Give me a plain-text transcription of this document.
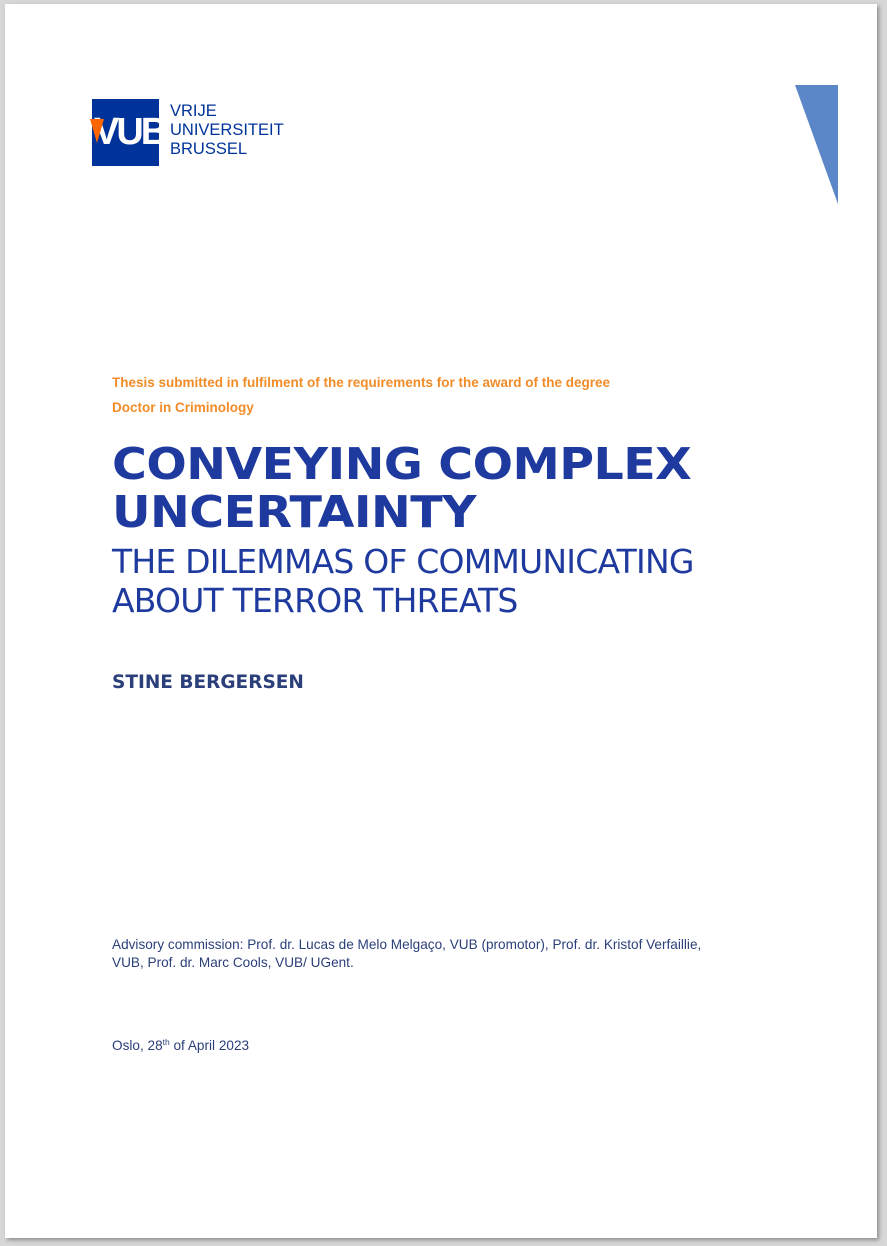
VUB VRIJE
UNIVERSITEIT
BRUSSEL
Thesis submitted in fulfilment of the requirements for the award of the degree
Doctor in Criminology
CONVEYING COMPLEX
UNCERTAINTY
THE DILEMMAS OF COMMUNICATING
ABOUT TERROR THREATS
STINE BERGERSEN
Advisory commission: Prof. dr. Lucas de Melo Melgaço, VUB (promotor), Prof. dr. Kristof Verfaillie,
VUB, Prof. dr. Marc Cools, VUB/ UGent.
Oslo, 28th of April 2023
